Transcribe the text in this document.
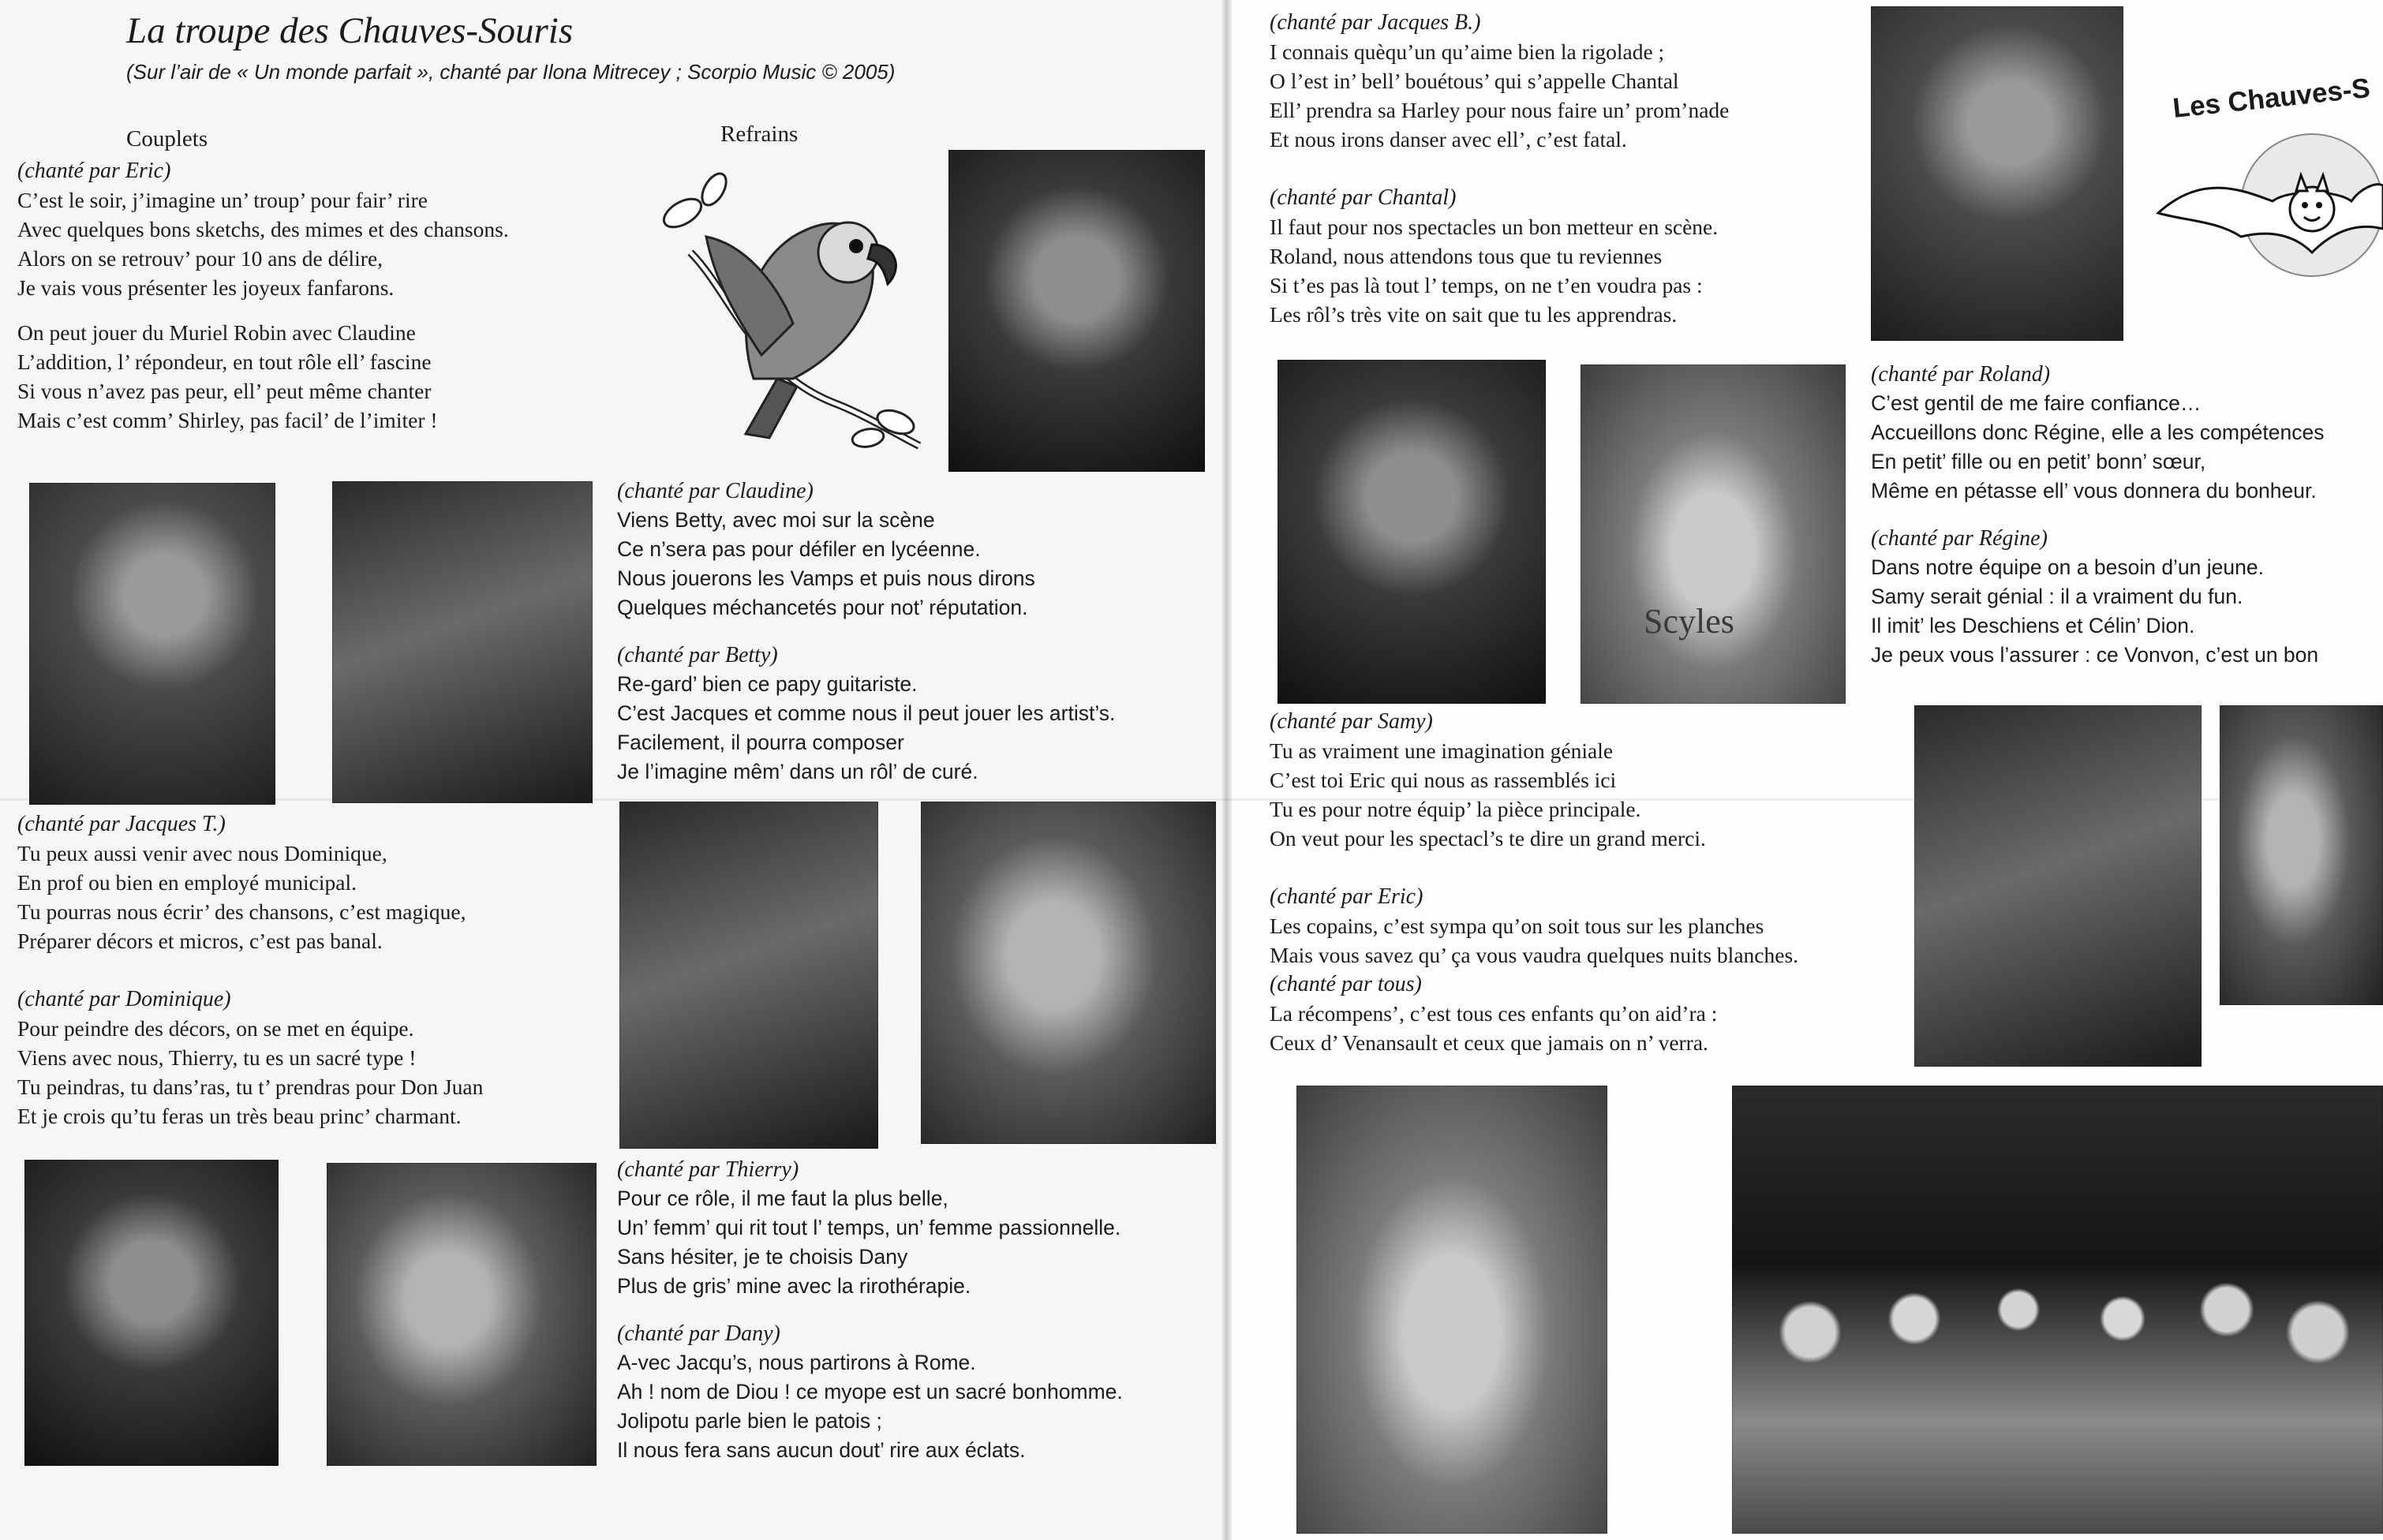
La troupe des Chauves-Souris
(Sur l’air de « Un monde parfait », chanté par Ilona Mitrecey ; Scorpio Music © 2005)
Couplets	Refrains
(chanté par Eric)
C’est le soir, j’imagine un’ troup’ pour fair’ rire
Avec quelques bons sketchs, des mimes et des chansons.
Alors on se retrouv’ pour 10 ans de délire,
Je vais vous présenter les joyeux fanfarons.
On peut jouer du Muriel Robin avec Claudine
L’addition, l’ répondeur, en tout rôle ell’ fascine
Si vous n’avez pas peur, ell’ peut même chanter
Mais c’est comm’ Shirley, pas facil’ de l’imiter !
(chanté par Claudine)
Viens Betty, avec moi sur la scène
Ce n’sera pas pour défiler en lycéenne.
Nous jouerons les Vamps et puis nous dirons
Quelques méchancetés pour not’ réputation.
(chanté par Betty)
Re-gard’ bien ce papy guitariste.
C’est Jacques et comme nous il peut jouer les artist’s.
Facilement, il pourra composer
Je l’imagine mêm’ dans un rôl’ de curé.
(chanté par Jacques T.)
Tu peux aussi venir avec nous Dominique,
En prof ou bien en employé municipal.
Tu pourras nous écrir’ des chansons, c’est magique,
Préparer décors et micros, c’est pas banal.
(chanté par Dominique)
Pour peindre des décors, on se met en équipe.
Viens avec nous, Thierry, tu es un sacré type !
Tu peindras, tu dans’ras, tu t’ prendras pour Don Juan
Et je crois qu’tu feras un très beau princ’ charmant.
(chanté par Thierry)
Pour ce rôle, il me faut la plus belle,
Un’ femm’ qui rit tout l’ temps, un’ femme passionnelle.
Sans hésiter, je te choisis Dany
Plus de gris’ mine avec la rirothérapie.
(chanté par Dany)
A-vec Jacqu’s, nous partirons à Rome.
Ah ! nom de Diou ! ce myope est un sacré bonhomme.
Jolipotu parle bien le patois ;
Il nous fera sans aucun dout’ rire aux éclats.
(chanté par Jacques B.)
I connais quèqu’un qu’aime bien la rigolade ;
O l’est in’ bell’ bouétous’ qui s’appelle Chantal
Ell’ prendra sa Harley pour nous faire un’ prom’nade
Et nous irons danser avec ell’, c’est fatal.
(chanté par Chantal)
Il faut pour nos spectacles un bon metteur en scène.
Roland, nous attendons tous que tu reviennes
Si t’es pas là tout l’ temps, on ne t’en voudra pas :
Les rôl’s très vite on sait que tu les apprendras.
Les Chauves-S
Scyles
(chanté par Roland)
C’est gentil de me faire confiance…
Accueillons donc Régine, elle a les compétences
En petit’ fille ou en petit’ bonn’ sœur,
Même en pétasse ell’ vous donnera du bonheur.
(chanté par Régine)
Dans notre équipe on a besoin d’un jeune.
Samy serait génial : il a vraiment du fun.
Il imit’ les Deschiens et Célin’ Dion.
Je peux vous l’assurer : ce Vonvon, c’est un bon
(chanté par Samy)
Tu as vraiment une imagination géniale
C’est toi Eric qui nous as rassemblés ici
Tu es pour notre équip’ la pièce principale.
On veut pour les spectacl’s te dire un grand merci.
(chanté par Eric)
Les copains, c’est sympa qu’on soit tous sur les planches
Mais vous savez qu’ ça vous vaudra quelques nuits blanches.
(chanté par tous)
La récompens’, c’est tous ces enfants qu’on aid’ra :
Ceux d’ Venansault et ceux que jamais on n’ verra.
